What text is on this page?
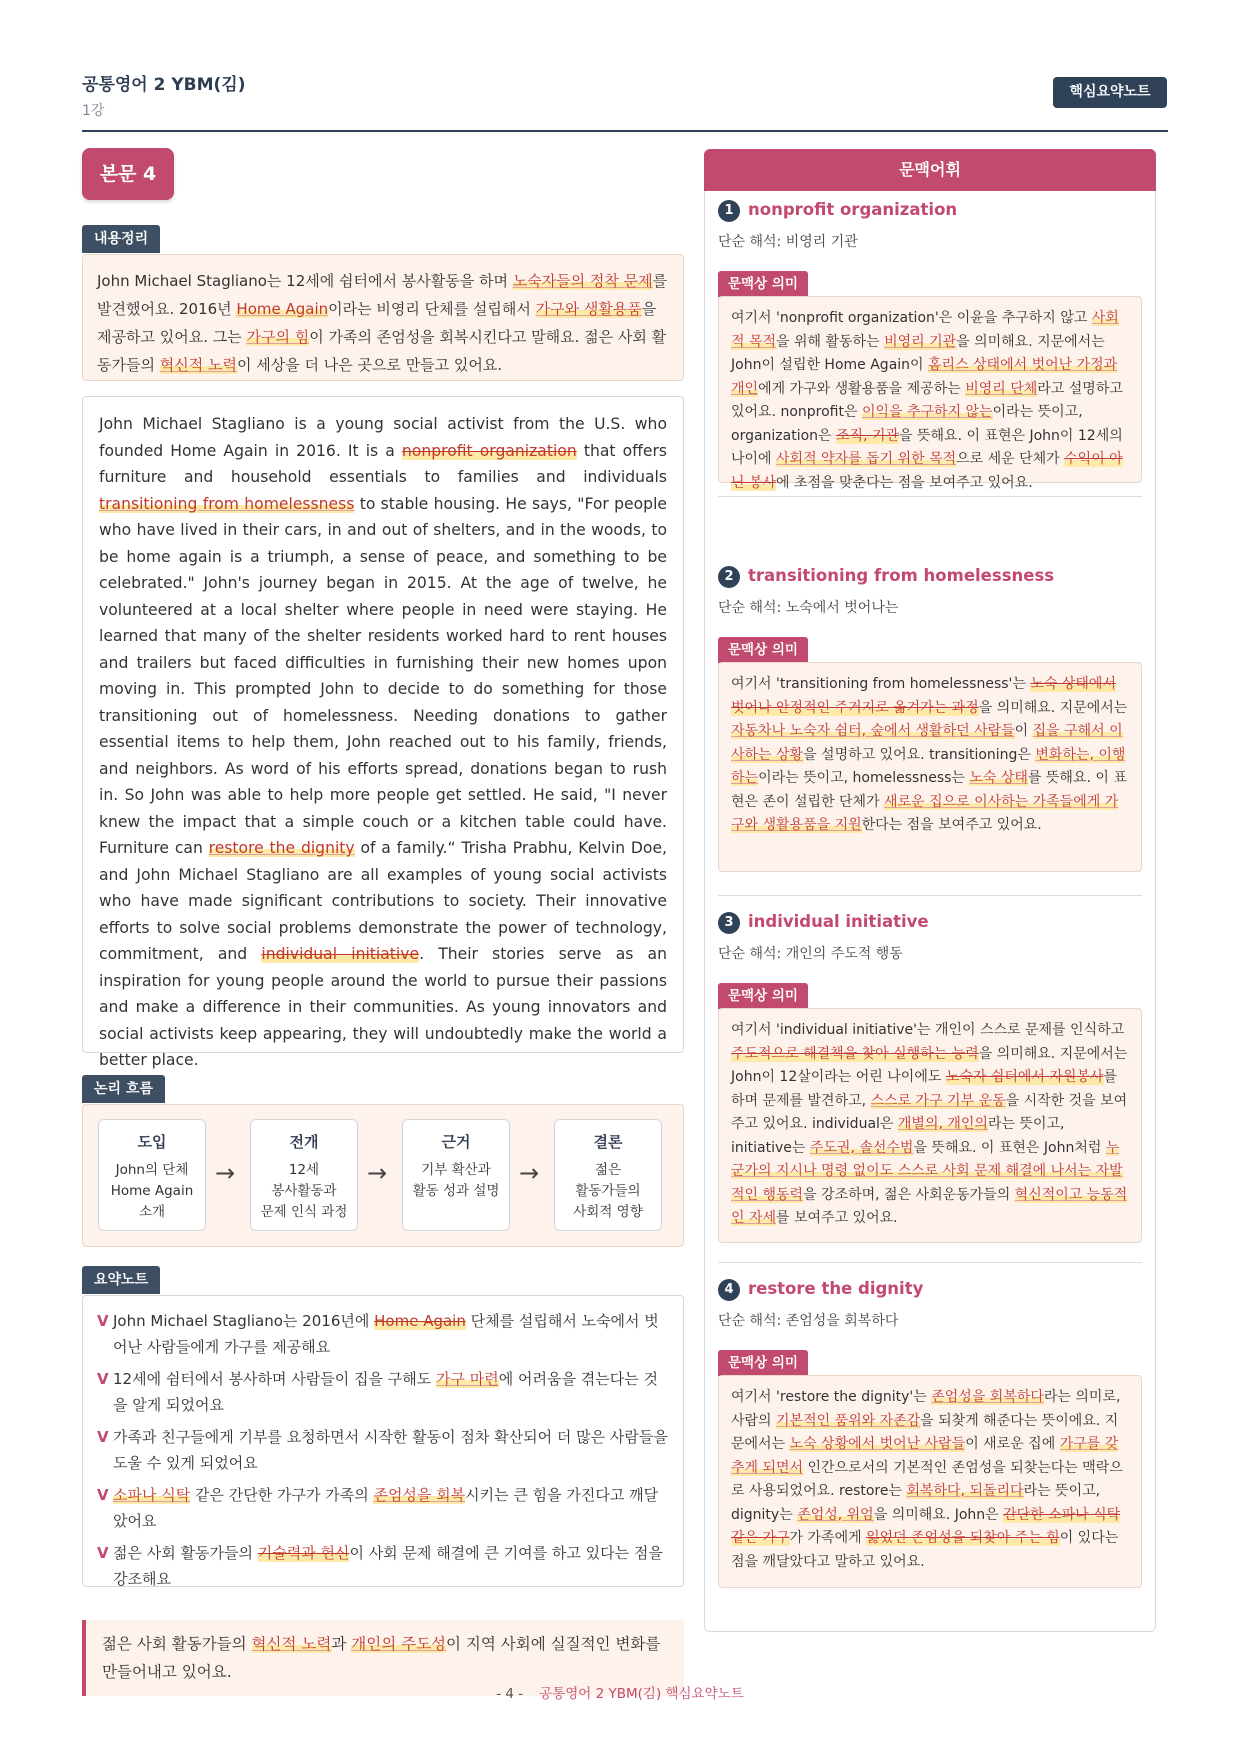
공통영어 2 YBM(김)
1강
핵심요약노트
본문 4
내용정리
John Michael Stagliano는 12세에 쉼터에서 봉사활동을 하며 노숙자들의 정착 문제를 발견했어요. 2016년 Home Again이라는 비영리 단체를 설립해서 가구와 생활용품을 제공하고 있어요. 그는 가구의 힘이 가족의 존엄성을 회복시킨다고 말해요. 젊은 사회 활동가들의 혁신적 노력이 세상을 더 나은 곳으로 만들고 있어요.
John Michael Stagliano is a young social activist from the U.S. who founded Home Again in 2016. It is a nonprofit organization that offers furniture and household essentials to families and individuals transitioning from homelessness to stable housing. He says, "For people who have lived in their cars, in and out of shelters, and in the woods, to be home again is a triumph, a sense of peace, and something to be celebrated." John's journey began in 2015. At the age of twelve, he volunteered at a local shelter where people in need were staying. He learned that many of the shelter residents worked hard to rent houses and trailers but faced difficulties in furnishing their new homes upon moving in. This prompted John to decide to do something for those transitioning out of homelessness. Needing donations to gather essential items to help them, John reached out to his family, friends, and neighbors. As word of his efforts spread, donations began to rush in. So John was able to help more people get settled. He said, "I never knew the impact that a simple couch or a kitchen table could have. Furniture can restore the dignity of a family.“ Trisha Prabhu, Kelvin Doe, and John Michael Stagliano are all examples of young social activists who have made significant contributions to society. Their innovative efforts to solve social problems demonstrate the power of technology, commitment, and individual initiative. Their stories serve as an inspiration for young people around the world to pursue their passions and make a difference in their communities. As young innovators and social activists keep appearing, they will undoubtedly make the world a better place.
논리 흐름
도입
John의 단체
Home Again
소개
→
전개
12세
봉사활동과
문제 인식 과정
→
근거
기부 확산과
활동 성과 설명
→
결론
젊은
활동가들의
사회적 영향
요약노트
V John Michael Stagliano는 2016년에 Home Again 단체를 설립해서 노숙에서 벗어난 사람들에게 가구를 제공해요
V 12세에 쉼터에서 봉사하며 사람들이 집을 구해도 가구 마련에 어려움을 겪는다는 것을 알게 되었어요
V 가족과 친구들에게 기부를 요청하면서 시작한 활동이 점차 확산되어 더 많은 사람들을 도울 수 있게 되었어요
V 소파나 식탁 같은 간단한 가구가 가족의 존엄성을 회복시키는 큰 힘을 가진다고 깨달았어요
V 젊은 사회 활동가들의 기술력과 헌신이 사회 문제 해결에 큰 기여를 하고 있다는 점을 강조해요
젊은 사회 활동가들의 혁신적 노력과 개인의 주도성이 지역 사회에 실질적인 변화를 만들어내고 있어요.
- 4 - 공통영어 2 YBM(김) 핵심요약노트
문맥어휘
1 nonprofit organization
단순 해석: 비영리 기관
문맥상 의미
여기서 'nonprofit organization'은 이윤을 추구하지 않고 사회적 목적을 위해 활동하는 비영리 기관을 의미해요. 지문에서는 John이 설립한 Home Again이 홈리스 상태에서 벗어난 가정과 개인에게 가구와 생활용품을 제공하는 비영리 단체라고 설명하고 있어요. nonprofit은 이익을 추구하지 않는이라는 뜻이고, organization은 조직, 기관을 뜻해요. 이 표현은 John이 12세의 나이에 사회적 약자를 돕기 위한 목적으로 세운 단체가 수익이 아닌 봉사에 초점을 맞춘다는 점을 보여주고 있어요.
2 transitioning from homelessness
단순 해석: 노숙에서 벗어나는
문맥상 의미
여기서 'transitioning from homelessness'는 노숙 상태에서 벗어나 안정적인 주거지로 옮겨가는 과정을 의미해요. 지문에서는 자동차나 노숙자 쉼터, 숲에서 생활하던 사람들이 집을 구해서 이사하는 상황을 설명하고 있어요. transitioning은 변화하는, 이행하는이라는 뜻이고, homelessness는 노숙 상태를 뜻해요. 이 표현은 존이 설립한 단체가 새로운 집으로 이사하는 가족들에게 가구와 생활용품을 지원한다는 점을 보여주고 있어요.
3 individual initiative
단순 해석: 개인의 주도적 행동
문맥상 의미
여기서 'individual initiative'는 개인이 스스로 문제를 인식하고 주도적으로 해결책을 찾아 실행하는 능력을 의미해요. 지문에서는 John이 12살이라는 어린 나이에도 노숙자 쉼터에서 자원봉사를 하며 문제를 발견하고, 스스로 가구 기부 운동을 시작한 것을 보여주고 있어요. individual은 개별의, 개인의라는 뜻이고, initiative는 주도권, 솔선수범을 뜻해요. 이 표현은 John처럼 누군가의 지시나 명령 없이도 스스로 사회 문제 해결에 나서는 자발적인 행동력을 강조하며, 젊은 사회운동가들의 혁신적이고 능동적인 자세를 보여주고 있어요.
4 restore the dignity
단순 해석: 존엄성을 회복하다
문맥상 의미
여기서 'restore the dignity'는 존엄성을 회복하다라는 의미로, 사람의 기본적인 품위와 자존감을 되찾게 해준다는 뜻이에요. 지문에서는 노숙 상황에서 벗어난 사람들이 새로운 집에 가구를 갖추게 되면서 인간으로서의 기본적인 존엄성을 되찾는다는 맥락으로 사용되었어요. restore는 회복하다, 되돌리다라는 뜻이고, dignity는 존엄성, 위엄을 의미해요. John은 간단한 소파나 식탁 같은 가구가 가족에게 잃었던 존엄성을 되찾아 주는 힘이 있다는 점을 깨달았다고 말하고 있어요.
